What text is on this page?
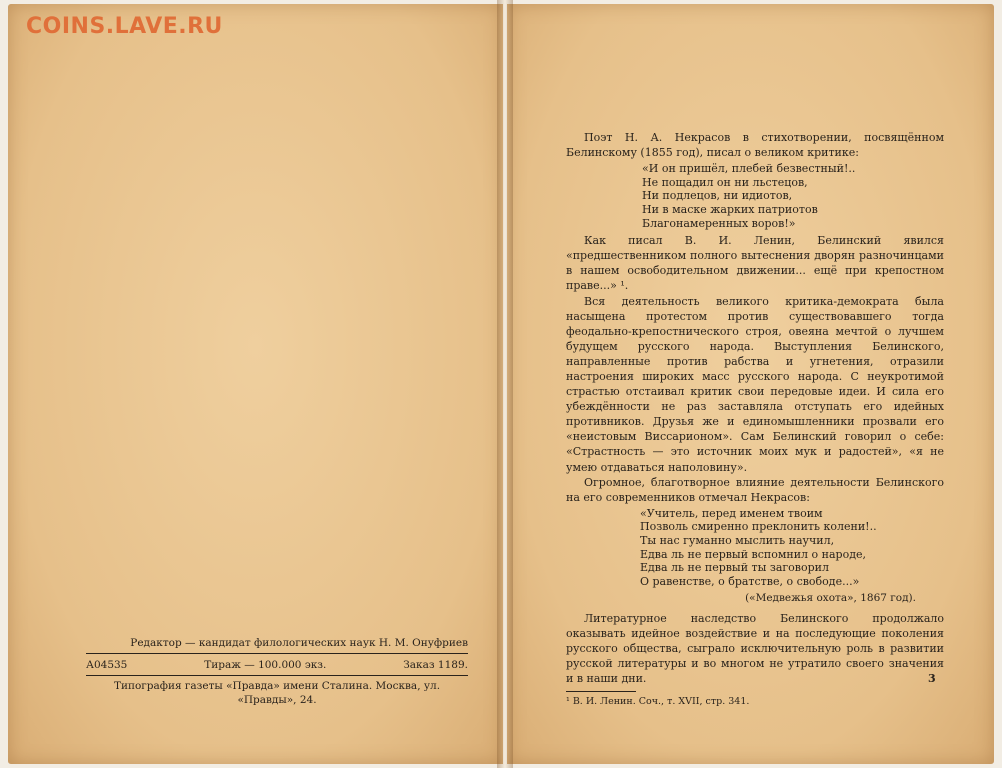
COINS.LAVE.RU
Редактор — кандидат филологических наук Н. М. Онуфриев
А04535	Тираж — 100.000 экз.	Заказ 1189.
Типография газеты «Правда» имени Сталина. Москва, ул. «Правды», 24.

Поэт Н. А. Некрасов в стихотворении, посвящённом Белинскому (1855 год), писал о великом критике:

«И он пришёл, плебей безвестный!..
Не пощадил он ни льстецов,
Ни подлецов, ни идиотов,
Ни в маске жарких патриотов
Благонамеренных воров!»

Как писал В. И. Ленин, Белинский явился «предшественником полного вытеснения дворян разночинцами в нашем освободительном движении... ещё при крепостном праве...» ¹.

Вся деятельность великого критика-демократа была насыщена протестом против существовавшего тогда феодально-крепостнического строя, овеяна мечтой о лучшем будущем русского народа. Выступления Белинского, направленные против рабства и угнетения, отразили настроения широких масс русского народа. С неукротимой страстью отстаивал критик свои передовые идеи. И сила его убеждённости не раз заставляла отступать его идейных противников. Друзья же и единомышленники прозвали его «неистовым Виссарионом». Сам Белинский говорил о себе: «Страстность — это источник моих мук и радостей», «я не умею отдаваться наполовину».

Огромное, благотворное влияние деятельности Белинского на его современников отмечал Некрасов:

«Учитель, перед именем твоим
Позволь смиренно преклонить колени!..
Ты нас гуманно мыслить научил,
Едва ль не первый вспомнил о народе,
Едва ль не первый ты заговорил
О равенстве, о братстве, о свободе...»
(«Медвежья охота», 1867 год).

Литературное наследство Белинского продолжало оказывать идейное воздействие и на последующие поколения русского общества, сыграло исключительную роль в развитии русской литературы и во многом не утратило своего значения и в наши дни.

¹ В. И. Ленин. Соч., т. XVII, стр. 341.

3
